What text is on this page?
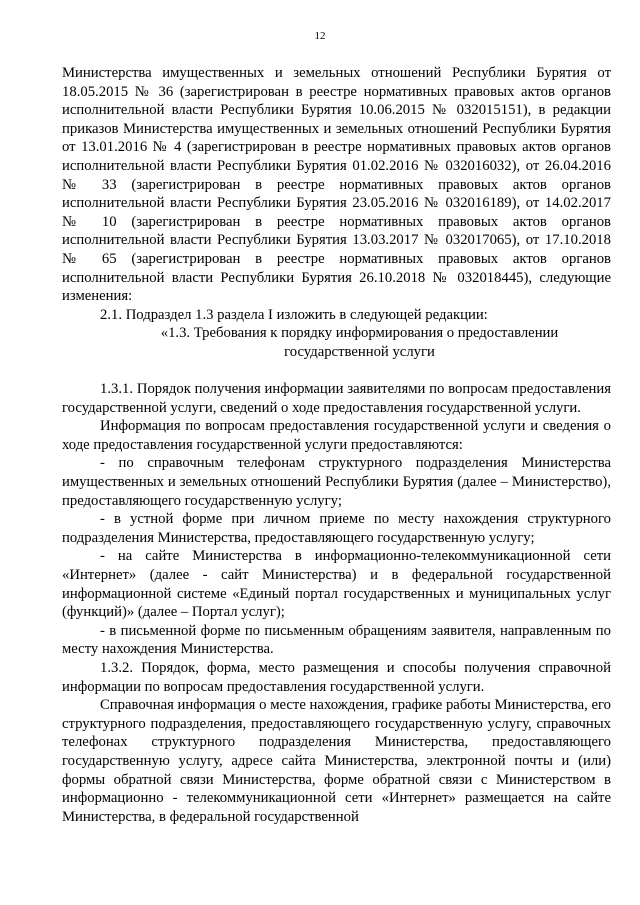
12

Министерства имущественных и земельных отношений Республики Бурятия от 18.05.2015 № 36 (зарегистрирован в реестре нормативных правовых актов органов исполнительной власти Республики Бурятия 10.06.2015 № 032015151), в редакции приказов Министерства имущественных и земельных отношений Республики Бурятия от 13.01.2016 № 4 (зарегистрирован в реестре нормативных правовых актов органов исполнительной власти Республики Бурятия 01.02.2016 № 032016032), от 26.04.2016 № 33 (зарегистрирован в реестре нормативных правовых актов органов исполнительной власти Республики Бурятия 23.05.2016 № 032016189), от 14.02.2017 № 10 (зарегистрирован в реестре нормативных правовых актов органов исполнительной власти Республики Бурятия 13.03.2017 № 032017065), от 17.10.2018 № 65 (зарегистрирован в реестре нормативных правовых актов органов исполнительной власти Республики Бурятия 26.10.2018 № 032018445), следующие изменения:

2.1. Подраздел 1.3 раздела I изложить в следующей редакции:

«1.3. Требования к порядку информирования о предоставлении государственной услуги

1.3.1. Порядок получения информации заявителями по вопросам предоставления государственной услуги, сведений о ходе предоставления государственной услуги.

Информация по вопросам предоставления государственной услуги и сведения о ходе предоставления государственной услуги предоставляются:

- по справочным телефонам структурного подразделения Министерства имущественных и земельных отношений Республики Бурятия (далее – Министерство), предоставляющего государственную услугу;

- в устной форме при личном приеме по месту нахождения структурного подразделения Министерства, предоставляющего государственную услугу;

- на сайте Министерства в информационно-телекоммуникационной сети «Интернет» (далее - сайт Министерства) и в федеральной государственной информационной системе «Единый портал государственных и муниципальных услуг (функций)» (далее – Портал услуг);

- в письменной форме по письменным обращениям заявителя, направленным по месту нахождения Министерства.

1.3.2. Порядок, форма, место размещения и способы получения справочной информации по вопросам предоставления государственной услуги.

Справочная информация о месте нахождения, графике работы Министерства, его структурного подразделения, предоставляющего государственную услугу, справочных телефонах структурного подразделения Министерства, предоставляющего государственную услугу, адресе сайта Министерства, электронной почты и (или) формы обратной связи Министерства, форме обратной связи с Министерством в информационно - телекоммуникационной сети «Интернет» размещается на сайте Министерства, в федеральной государственной
